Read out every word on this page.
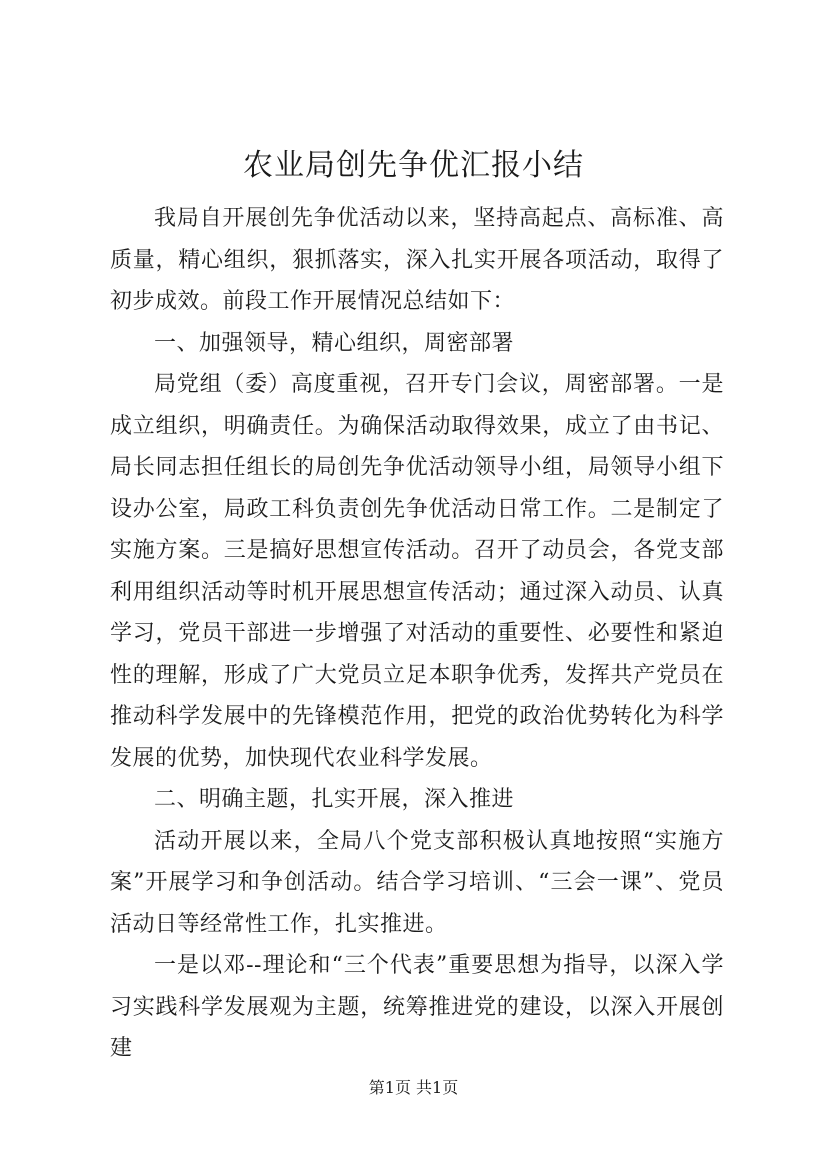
农业局创先争优汇报小结

我局自开展创先争优活动以来，坚持高起点、高标准、高质量，精心组织，狠抓落实，深入扎实开展各项活动，取得了初步成效。前段工作开展情况总结如下：

一、加强领导，精心组织，周密部署

局党组（委）高度重视，召开专门会议，周密部署。一是成立组织，明确责任。为确保活动取得效果，成立了由书记、局长同志担任组长的局创先争优活动领导小组，局领导小组下设办公室，局政工科负责创先争优活动日常工作。二是制定了实施方案。三是搞好思想宣传活动。召开了动员会，各党支部利用组织活动等时机开展思想宣传活动；通过深入动员、认真学习，党员干部进一步增强了对活动的重要性、必要性和紧迫性的理解，形成了广大党员立足本职争优秀，发挥共产党员在推动科学发展中的先锋模范作用，把党的政治优势转化为科学发展的优势，加快现代农业科学发展。

二、明确主题，扎实开展，深入推进

活动开展以来，全局八个党支部积极认真地按照“实施方案”开展学习和争创活动。结合学习培训、“三会一课”、党员活动日等经常性工作，扎实推进。

一是以邓--理论和“三个代表”重要思想为指导，以深入学习实践科学发展观为主题，统筹推进党的建设，以深入开展创建

第1页 共1页
